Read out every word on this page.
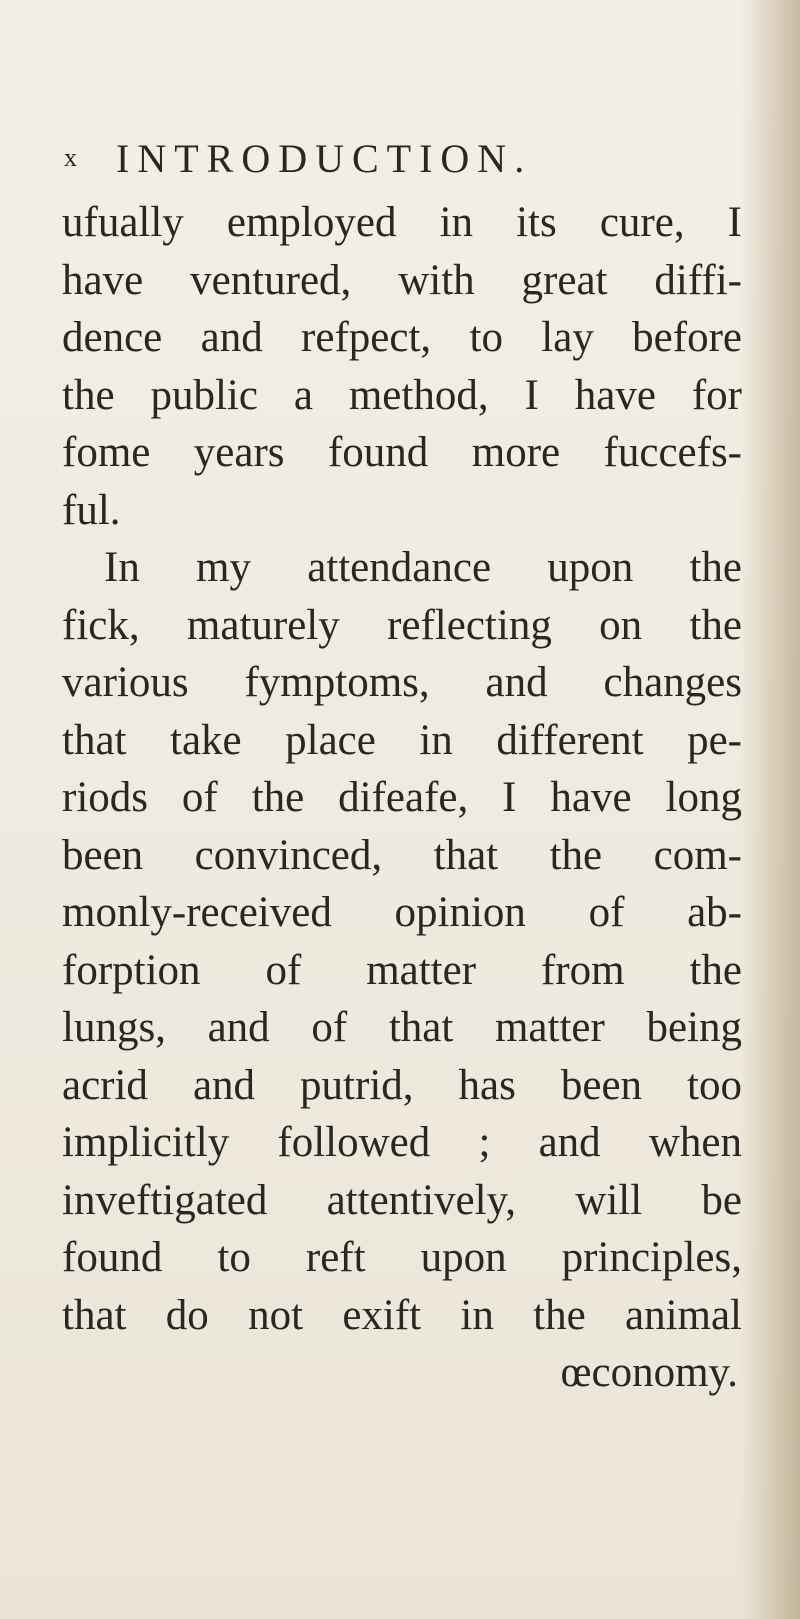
x INTRODUCTION.
ufually employed in its cure, I
have ventured, with great diffi-
dence and refpect, to lay before
the public a method, I have for
fome years found more fuccefs-
ful.
In my attendance upon the
fick, maturely reflecting on the
various fymptoms, and changes
that take place in different pe-
riods of the difeafe, I have long
been convinced, that the com-
monly-received opinion of ab-
forption of matter from the
lungs, and of that matter being
acrid and putrid, has been too
implicitly followed ; and when
inveftigated attentively, will be
found to reft upon principles,
that do not exift in the animal
œconomy.
